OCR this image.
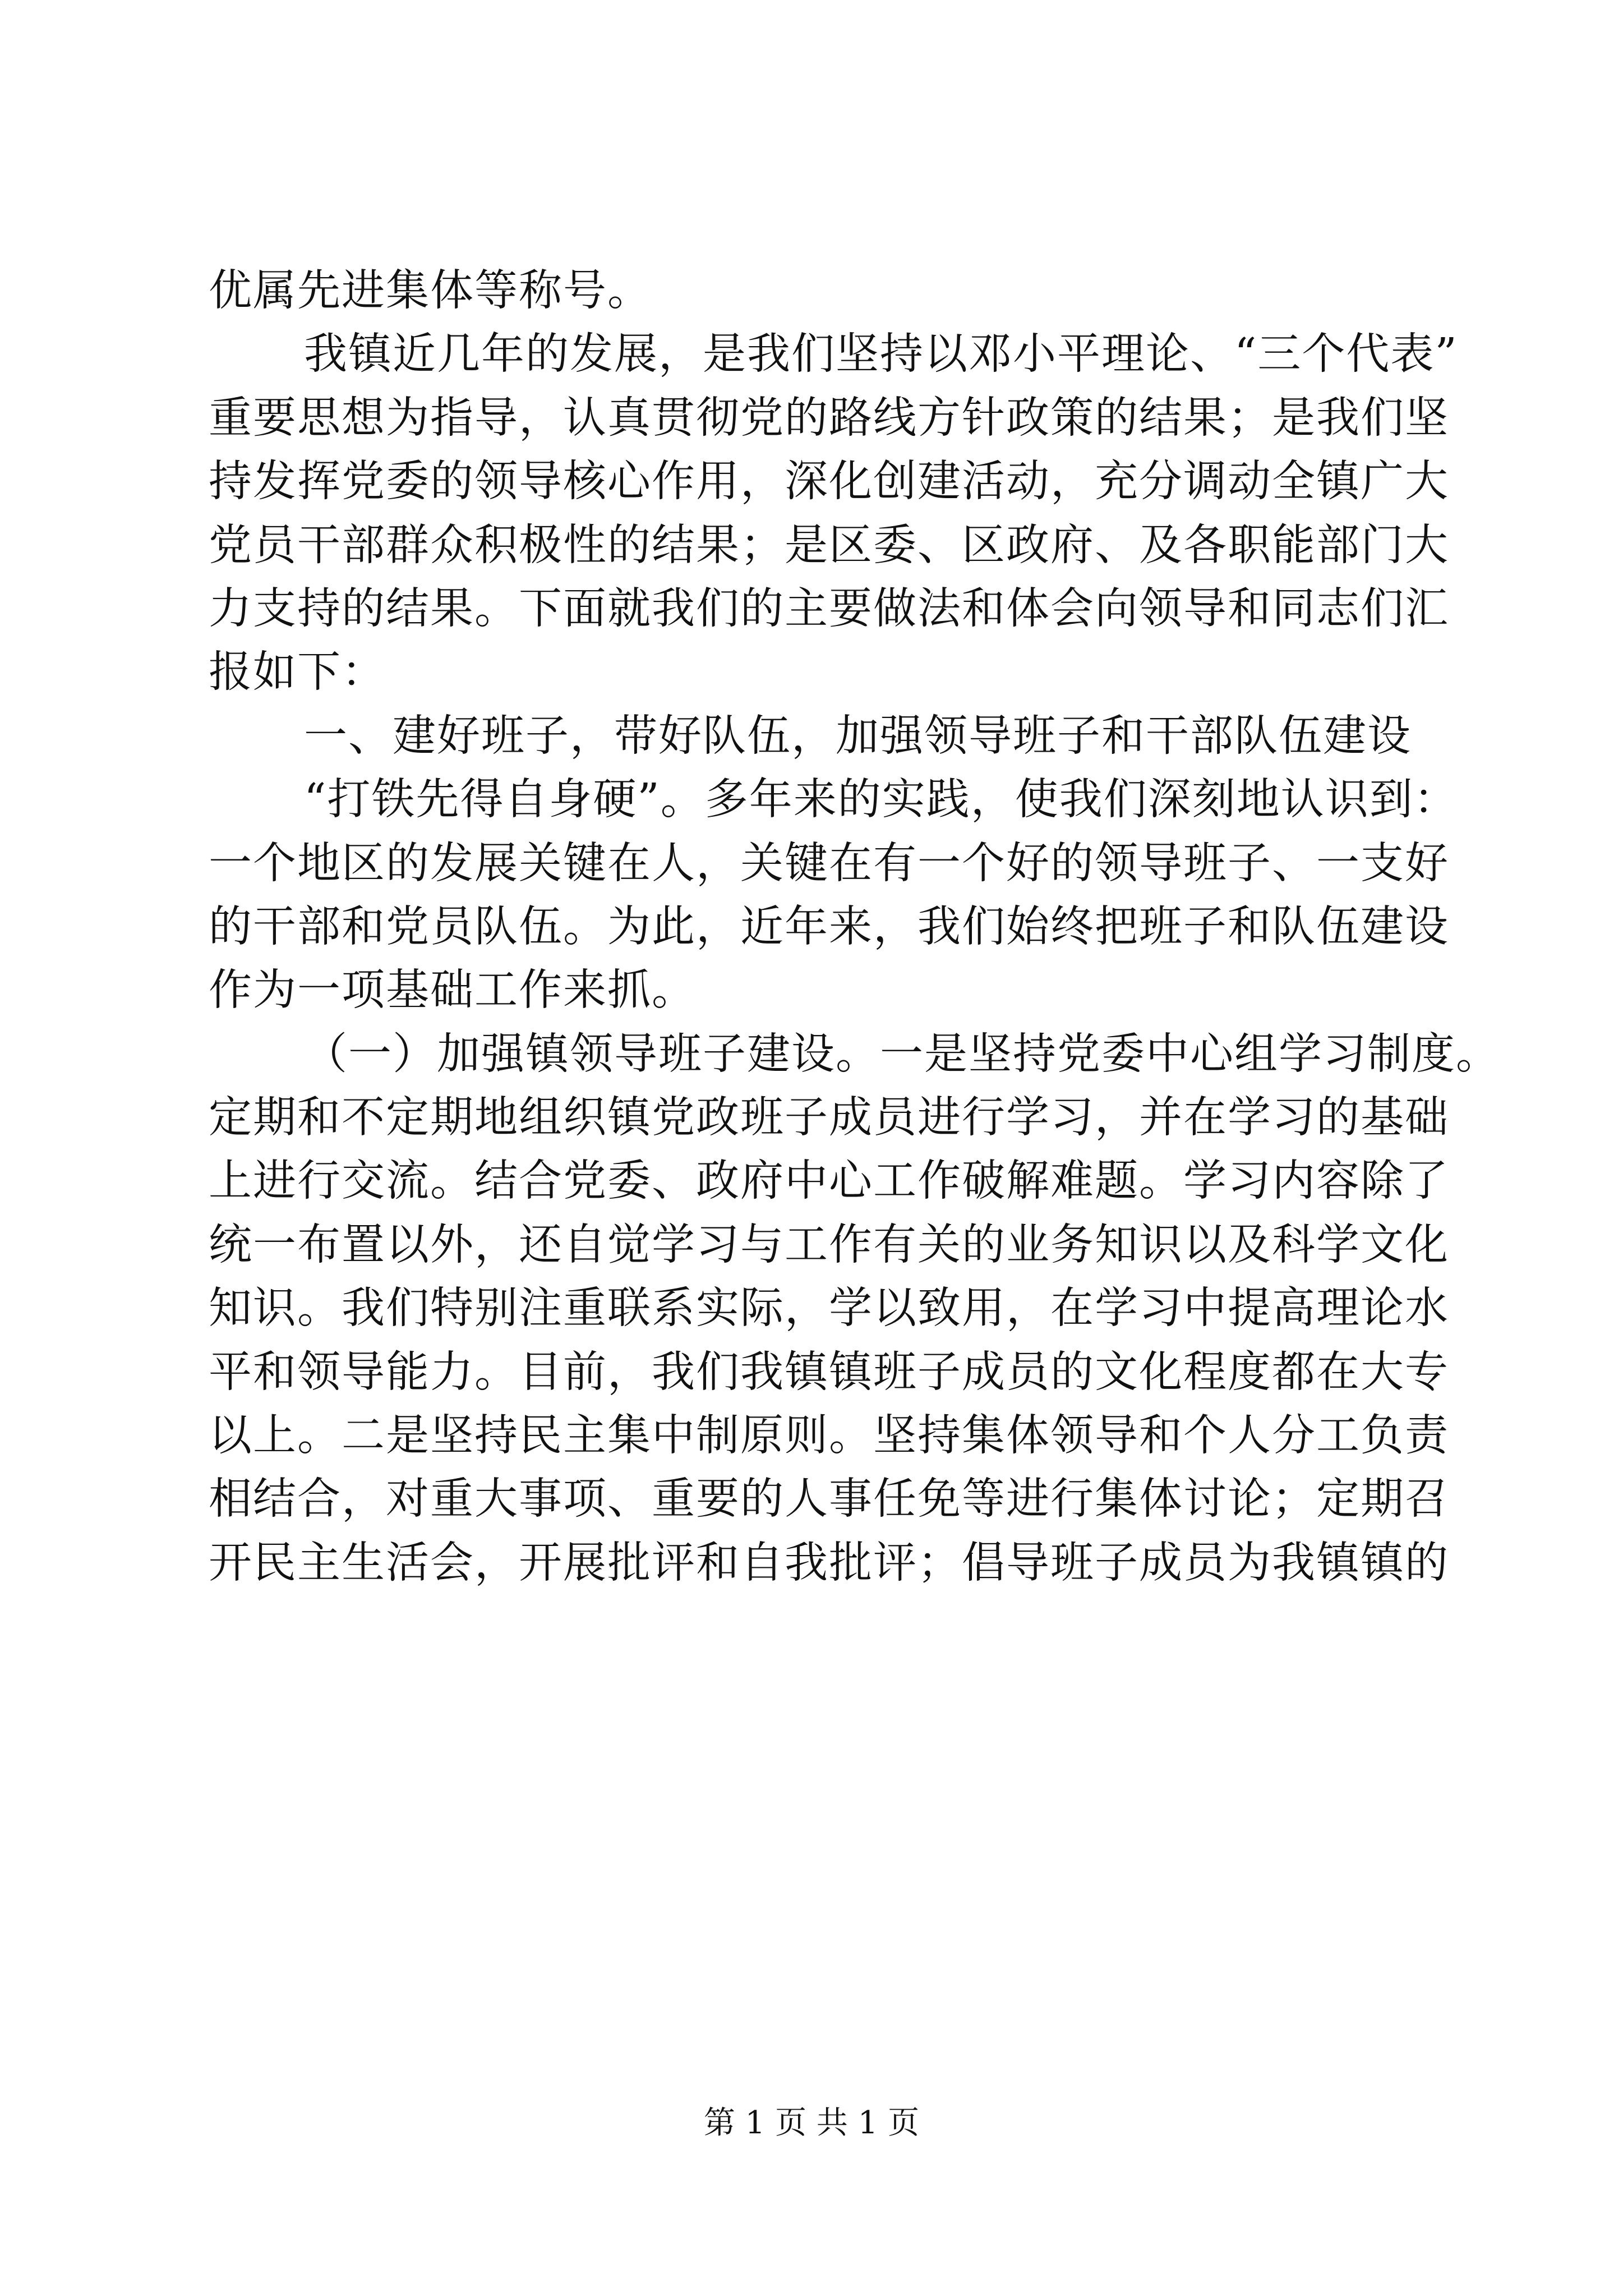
优属先进集体等称号。
我镇近几年的发展，是我们坚持以邓小平理论、“三个代表”
重要思想为指导，认真贯彻党的路线方针政策的结果；是我们坚
持发挥党委的领导核心作用，深化创建活动，充分调动全镇广大
党员干部群众积极性的结果；是区委、区政府、及各职能部门大
力支持的结果。下面就我们的主要做法和体会向领导和同志们汇
报如下：
一、建好班子，带好队伍，加强领导班子和干部队伍建设
“打铁先得自身硬”。多年来的实践，使我们深刻地认识到：
一个地区的发展关键在人，关键在有一个好的领导班子、一支好
的干部和党员队伍。为此，近年来，我们始终把班子和队伍建设
作为一项基础工作来抓。
（一）加强镇领导班子建设。一是坚持党委中心组学习制度。
定期和不定期地组织镇党政班子成员进行学习，并在学习的基础
上进行交流。结合党委、政府中心工作破解难题。学习内容除了
统一布置以外，还自觉学习与工作有关的业务知识以及科学文化
知识。我们特别注重联系实际，学以致用，在学习中提高理论水
平和领导能力。目前，我们我镇镇班子成员的文化程度都在大专
以上。二是坚持民主集中制原则。坚持集体领导和个人分工负责
相结合，对重大事项、重要的人事任免等进行集体讨论；定期召
开民主生活会，开展批评和自我批评；倡导班子成员为我镇镇的
第 1 页 共 1 页
